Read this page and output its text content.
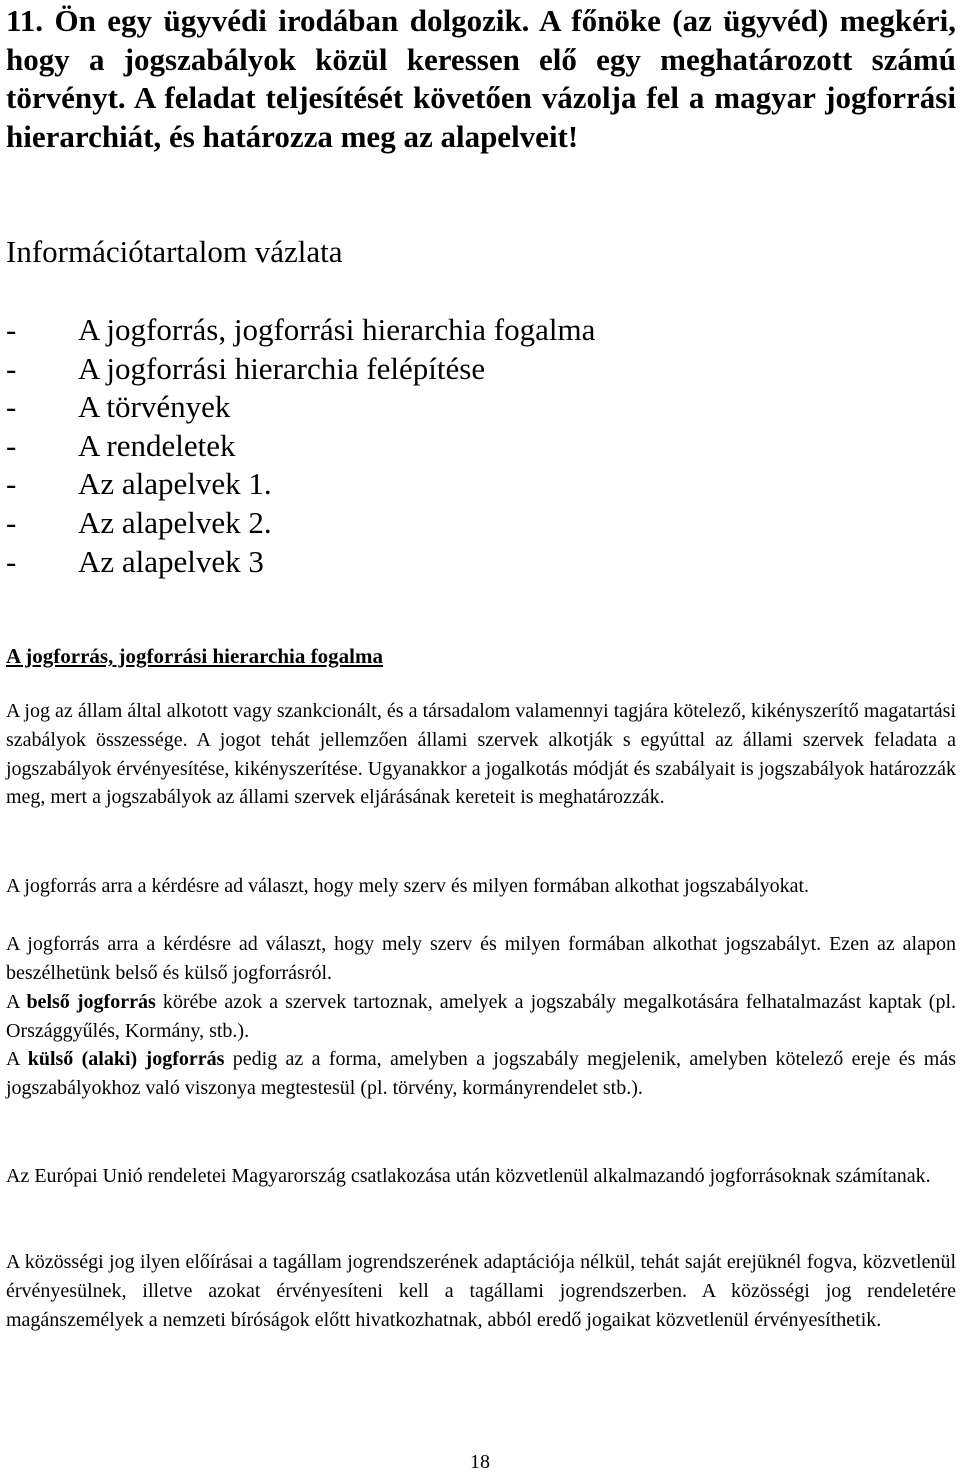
11. Ön egy ügyvédi irodában dolgozik. A főnöke (az ügyvéd) megkéri, hogy a jogszabályok közül keressen elő egy meghatározott számú törvényt. A feladat teljesítését követően vázolja fel a magyar jogforrási hierarchiát, és határozza meg az alapelveit!
Információtartalom vázlata
- A jogforrás, jogforrási hierarchia fogalma
- A jogforrási hierarchia felépítése
- A törvények
- A rendeletek
- Az alapelvek 1.
- Az alapelvek 2.
- Az alapelvek 3
A jogforrás, jogforrási hierarchia fogalma

A jog az állam által alkotott vagy szankcionált, és a társadalom valamennyi tagjára kötelező, kikényszerítő magatartási szabályok összessége. A jogot tehát jellemzően állami szervek alkotják s egyúttal az állami szervek feladata a jogszabályok érvényesítése, kikényszerítése. Ugyanakkor a jogalkotás módját és szabályait is jogszabályok határozzák meg, mert a jogszabályok az állami szervek eljárásának kereteit is meghatározzák.

A jogforrás arra a kérdésre ad választ, hogy mely szerv és milyen formában alkothat jogszabályokat.

A jogforrás arra a kérdésre ad választ, hogy mely szerv és milyen formában alkothat jogszabályt. Ezen az alapon beszélhetünk belső és külső jogforrásról.

A belső jogforrás körébe azok a szervek tartoznak, amelyek a jogszabály megalkotására felhatalmazást kaptak (pl. Országgyűlés, Kormány, stb.).

A külső (alaki) jogforrás pedig az a forma, amelyben a jogszabály megjelenik, amelyben kötelező ereje és más jogszabályokhoz való viszonya megtestesül (pl. törvény, kormányrendelet stb.).

Az Európai Unió rendeletei Magyarország csatlakozása után közvetlenül alkalmazandó jogforrásoknak számítanak.

A közösségi jog ilyen előírásai a tagállam jogrendszerének adaptációja nélkül, tehát saját erejüknél fogva, közvetlenül érvényesülnek, illetve azokat érvényesíteni kell a tagállami jogrendszerben. A közösségi jog rendeletére magánszemélyek a nemzeti bíróságok előtt hivatkozhatnak, abból eredő jogaikat közvetlenül érvényesíthetik.

18
